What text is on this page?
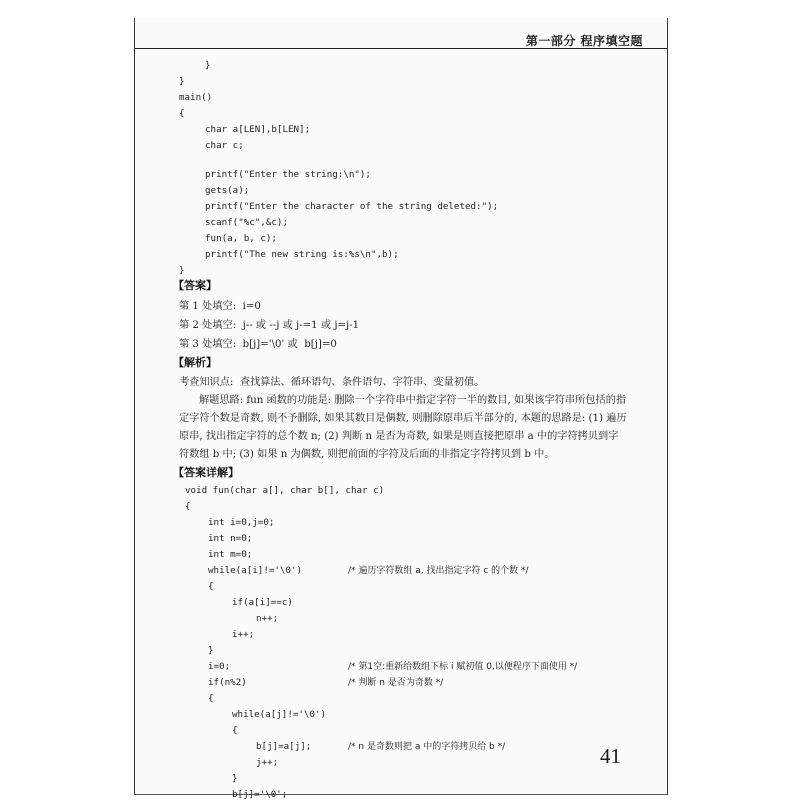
第一部分 程序填空题
}
}
main()
{
char a[LEN],b[LEN];
char c;
printf("Enter the string:\n");
gets(a);
printf("Enter the character of the string deleted:");
scanf("%c",&c);
fun(a, b, c);
printf("The new string is:%s\n",b);
}
【答案】
第 1 处填空:  i=0
第 2 处填空:  j-- 或 --j 或 j-=1 或 j=j-1
第 3 处填空:  b[j]='\0' 或  b[j]=0
【解析】
考查知识点:  查找算法、循环语句、条件语句、字符串、变量初值。
解题思路: fun 函数的功能是: 删除一个字符串中指定字符一半的数目, 如果该字符串所包括的指定字符个数是奇数, 则不予删除, 如果其数目是偶数, 则删除原串后半部分的, 本题的思路是: (1) 遍历原串, 找出指定字符的总个数 n; (2) 判断 n 是否为奇数, 如果是则直接把原串 a 中的字符拷贝到字符数组 b 中; (3) 如果 n 为偶数, 则把前面的字符及后面的非指定字符拷贝到 b 中。
【答案详解】
void fun(char a[], char b[], char c)
{
int i=0,j=0;
int n=0;
int m=0;
while(a[i]!='\0')
{
if(a[i]==c)
n++;
i++;
}
i=0;
if(n%2)
{
while(a[j]!='\0')
{
b[j]=a[j];
j++;
}
b[j]='\0';
/* 遍历字符数组 a, 找出指定字符 c 的个数 */
/* 第1空:重新给数组下标 i 赋初值 0,以便程序下面使用 */
/* 判断 n 是否为奇数 */
/* n 是奇数则把 a 中的字符拷贝给 b */	41
